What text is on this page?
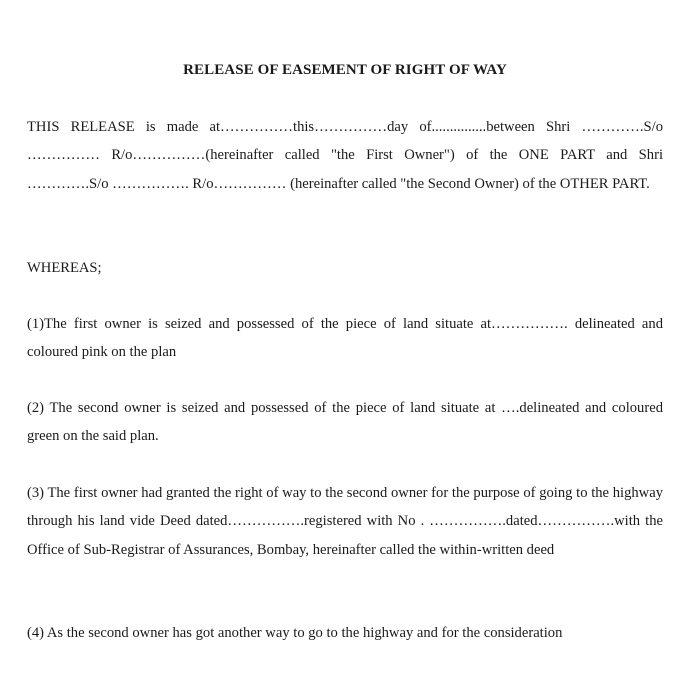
RELEASE OF EASEMENT OF RIGHT OF WAY

THIS RELEASE is made at……………this……………day of...............between Shri ………….S/o …………… R/o……………(hereinafter called "the First Owner") of the ONE PART and Shri ………….S/o ……………. R/o…………… (hereinafter called "the Second Owner) of the OTHER PART.

WHEREAS;

(1)The first owner is seized and possessed of the piece of land situate at……………. delineated and coloured pink on the plan

(2) The second owner is seized and possessed of the piece of land situate at ….delineated and coloured green on the said plan.

(3) The first owner had granted the right of way to the second owner for the purpose of going to the highway through his land vide Deed dated…………….registered with No . …………….dated…………….with the Office of Sub-Registrar of Assurances, Bombay, hereinafter called the within-written deed

(4) As the second owner has got another way to go to the highway and for the consideration
